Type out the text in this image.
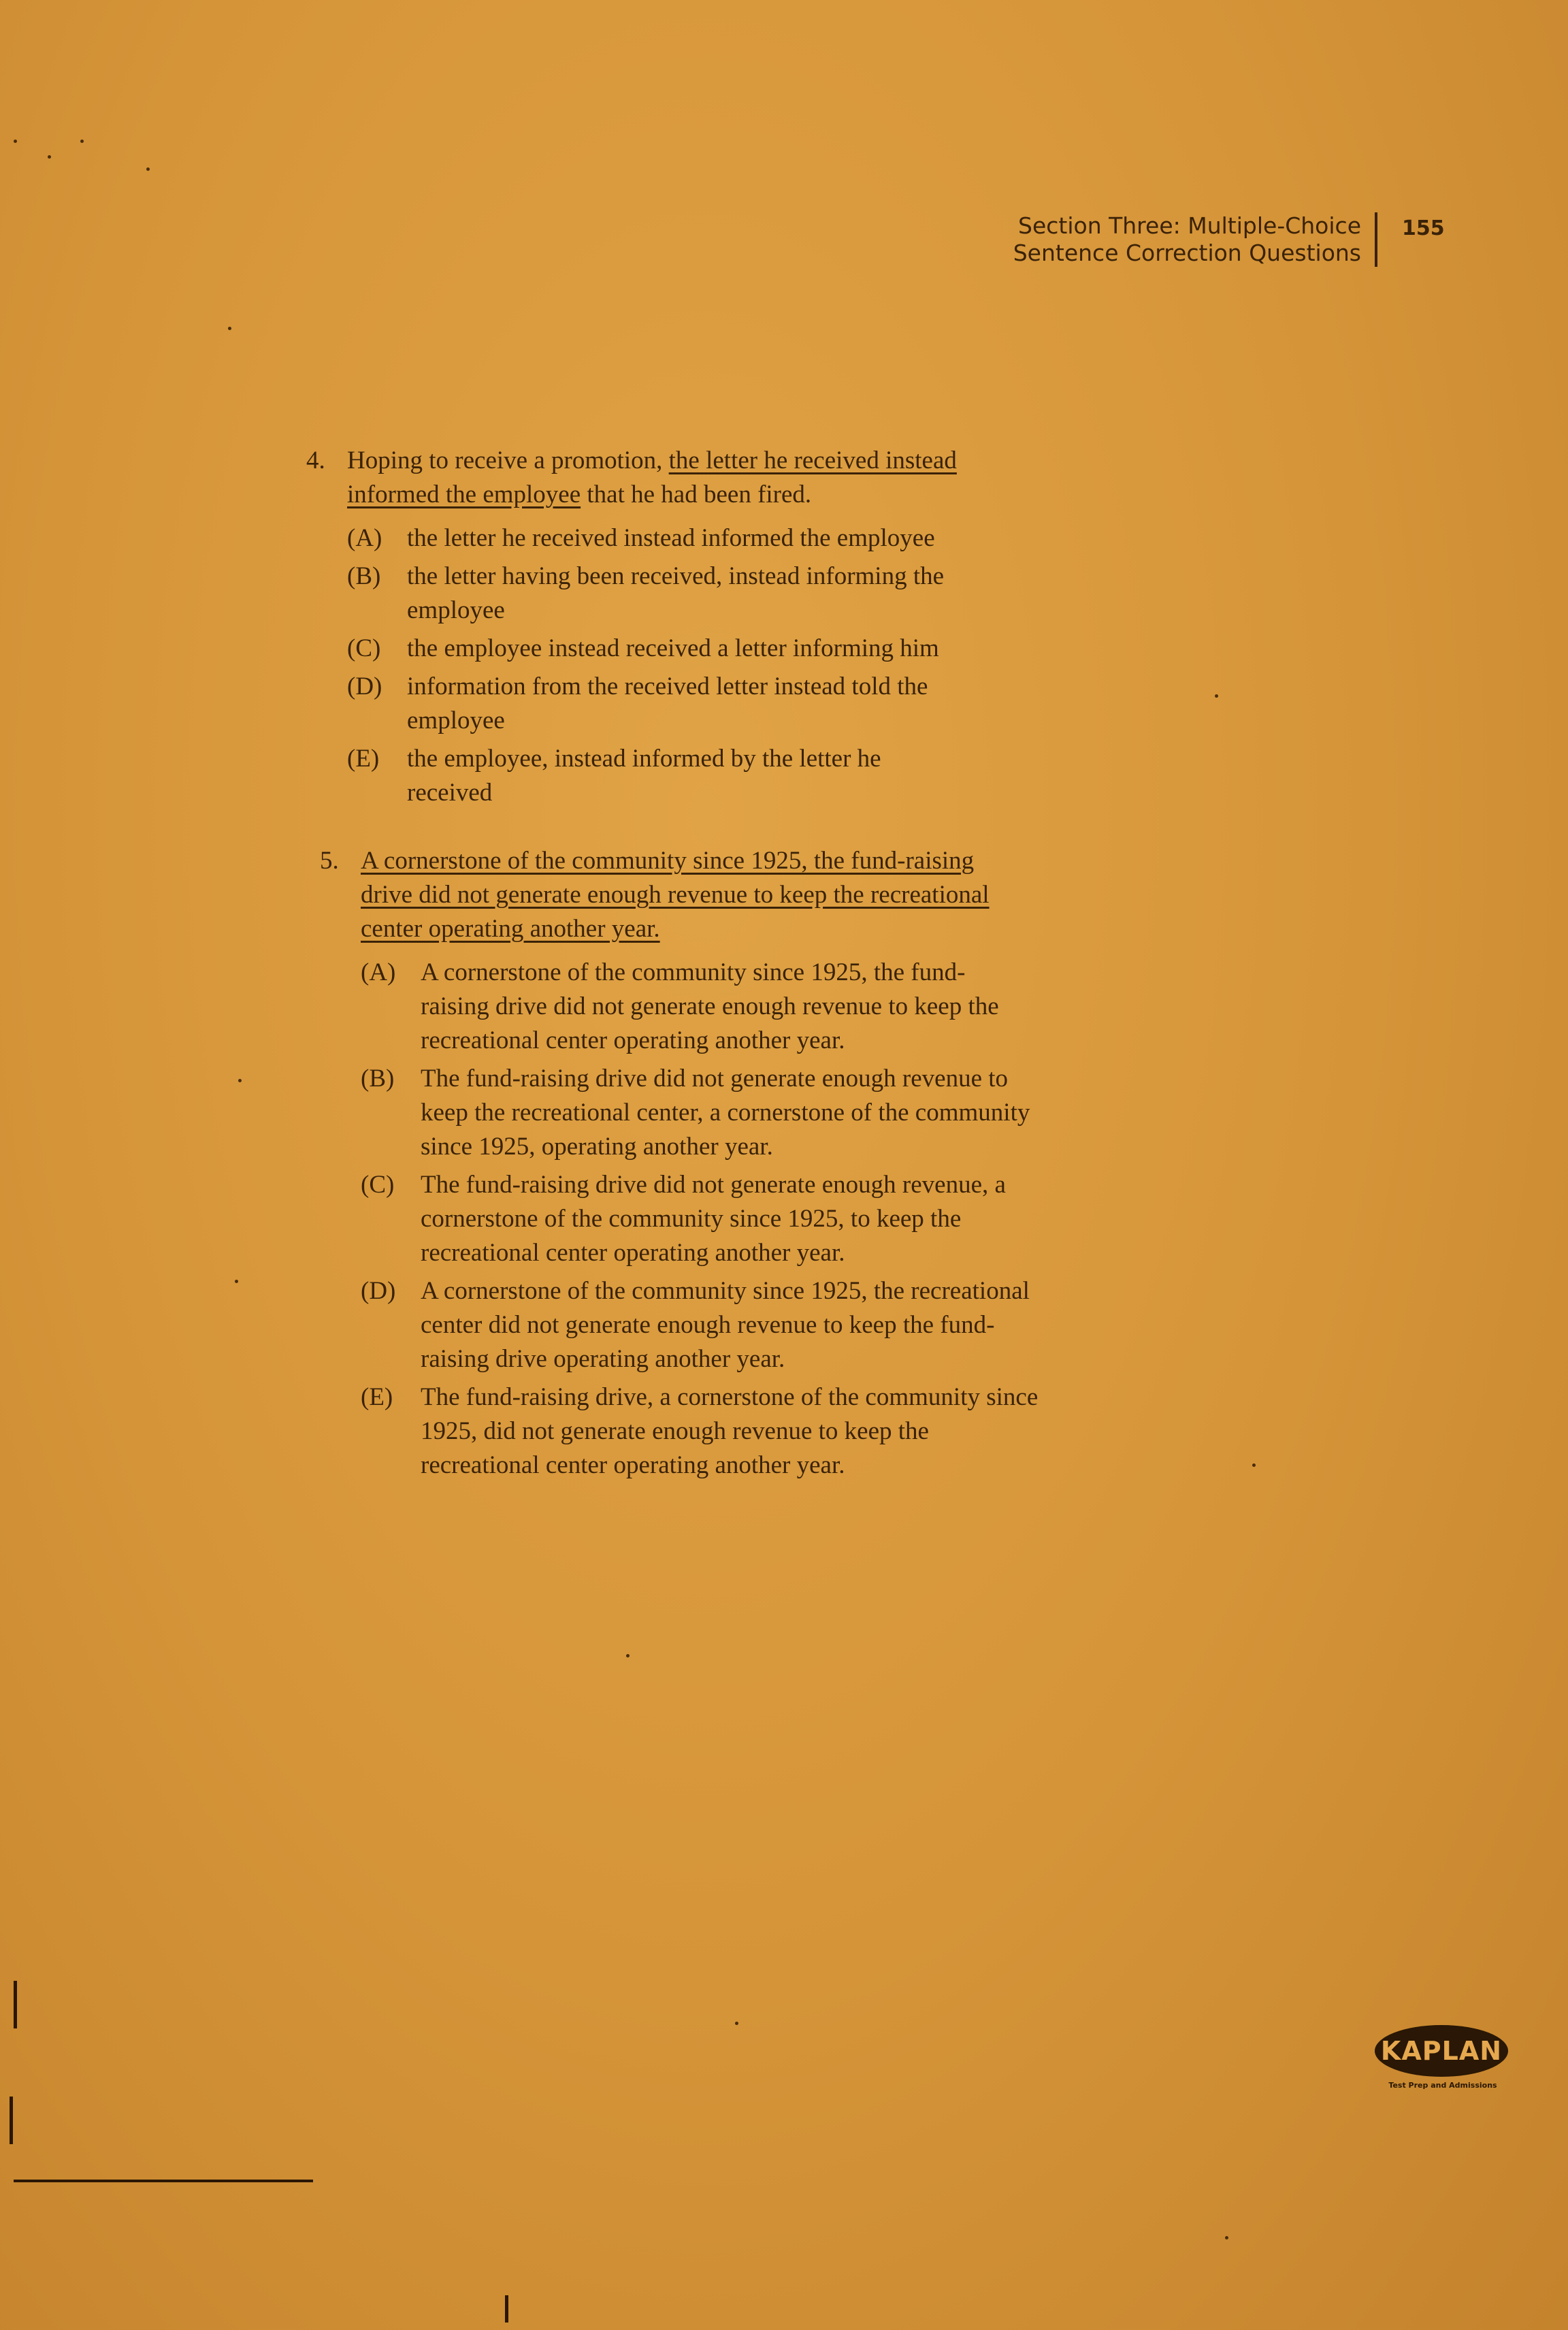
Section Three: Multiple-Choice
Sentence Correction Questions
155
4. Hoping to receive a promotion, the letter he received instead informed the employee that he had been fired.
(A) the letter he received instead informed the employee
(B)	the letter having been received, instead informing the employee
(C)	the employee instead received a letter informing him
(D) information from the received letter instead told the employee
(E)	the employee, instead informed by the letter he received
5. A cornerstone of the community since 1925, the fund-raising drive did not generate enough revenue to keep the recreational center operating another year.
(A) A cornerstone of the community since 1925, the fund-raising drive did not generate enough revenue to keep the recreational center operating another year.
(B)	The fund-raising drive did not generate enough revenue to keep the recreational center, a cornerstone of the community since 1925, operating another year.
(C)	The fund-raising drive did not generate enough revenue, a cornerstone of the community since 1925, to keep the recreational center operating another year.
(D) A cornerstone of the community since 1925, the recreational center did not generate enough revenue to keep the fund-raising drive operating another year.
(E)	The fund-raising drive, a cornerstone of the community since 1925, did not generate enough revenue to keep the recreational center operating another year.
KAPLAN
Test Prep and Admissions
